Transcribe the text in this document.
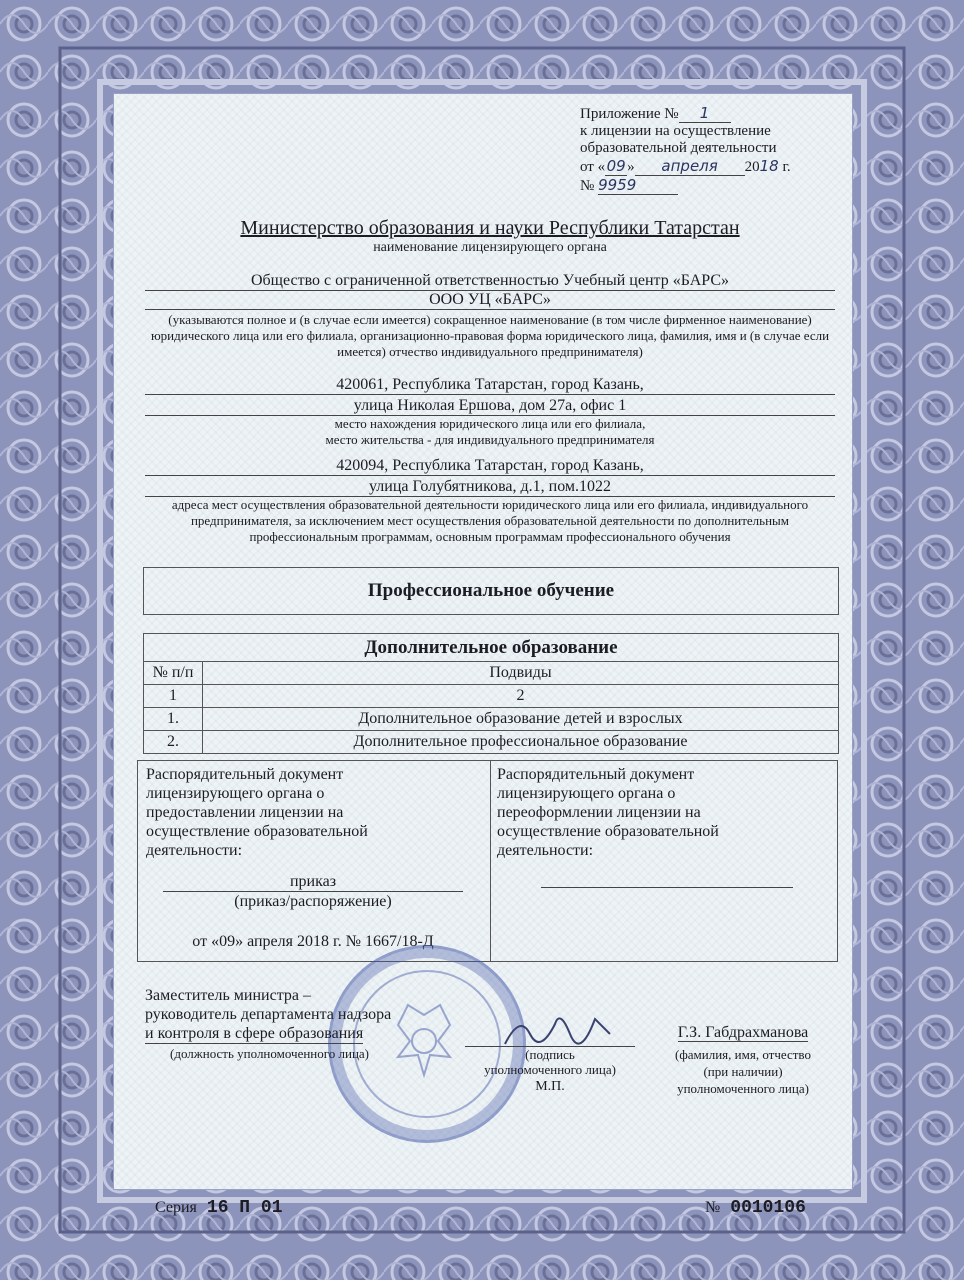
Приложение № 1
к лицензии на осуществление
образовательной деятельности
от «09» апреля 2018 г.
№ 9959
Министерство образования и науки Республики Татарстан
наименование лицензирующего органа
Общество с ограниченной ответственностью Учебный центр «БАРС»
ООО УЦ «БАРС»
(указываются полное и (в случае если имеется) сокращенное наименование (в том числе фирменное наименование) юридического лица или его филиала, организационно-правовая форма юридического лица, фамилия, имя и (в случае если имеется) отчество индивидуального предпринимателя)
420061, Республика Татарстан, город Казань,
улица Николая Ершова, дом 27а, офис 1
место нахождения юридического лица или его филиала,
место жительства - для индивидуального предпринимателя
420094, Республика Татарстан, город Казань,
улица Голубятникова, д.1, пом.1022
адреса мест осуществления образовательной деятельности юридического лица или его филиала, индивидуального предпринимателя, за исключением мест осуществления образовательной деятельности по дополнительным профессиональным программам, основным программам профессионального обучения
Профессиональное обучение
Дополнительное образование
№ п/п	Подвиды
1	2
1.	Дополнительное образование детей и взрослых
2.	Дополнительное профессиональное образование
Распорядительный документ лицензирующего органа о предоставлении лицензии на осуществление образовательной деятельности:
приказ
(приказ/распоряжение)
от «09» апреля 2018 г. № 1667/18-Д
Распорядительный документ лицензирующего органа о переоформлении лицензии на осуществление образовательной деятельности:
Заместитель министра –
руководитель департамента надзора
и контроля в сфере образования
(должность уполномоченного лица)	(подпись
уполномоченного лица)
М.П.
Г.З. Габдрахманова
(фамилия, имя, отчество
(при наличии)
уполномоченного лица)
Серия 16 П 01	№ 0010106
